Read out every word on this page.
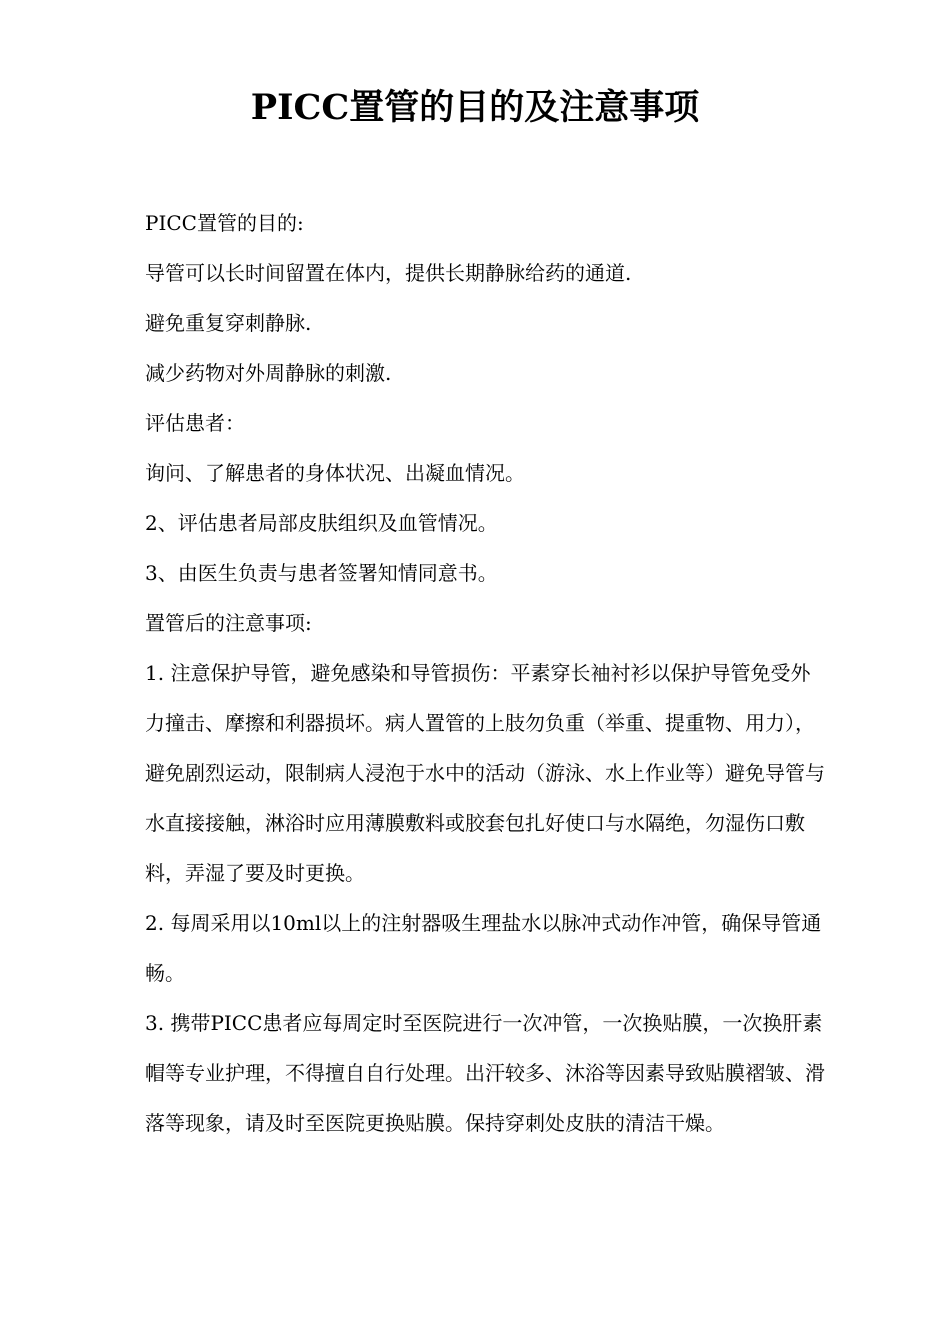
PICC置管的目的及注意事项

PICC置管的目的:

导管可以长时间留置在体内，提供长期静脉给药的通道.

避免重复穿刺静脉.

减少药物对外周静脉的刺激.

评估患者：

询问、了解患者的身体状况、出凝血情况。

2、评估患者局部皮肤组织及血管情况。

3、由医生负责与患者签署知情同意书。

置管后的注意事项:

1. 注意保护导管，避免感染和导管损伤：平素穿长袖衬衫以保护导管免受外力撞击、摩擦和利器损坏。病人置管的上肢勿负重（举重、提重物、用力），避免剧烈运动，限制病人浸泡于水中的活动（游泳、水上作业等）避免导管与水直接接触，淋浴时应用薄膜敷料或胶套包扎好使口与水隔绝，勿湿伤口敷料，弄湿了要及时更换。

2. 每周采用以10ml以上的注射器吸生理盐水以脉冲式动作冲管，确保导管通畅。

3. 携带PICC患者应每周定时至医院进行一次冲管，一次换贴膜，一次换肝素帽等专业护理，不得擅自自行处理。出汗较多、沐浴等因素导致贴膜褶皱、滑落等现象，请及时至医院更换贴膜。保持穿刺处皮肤的清洁干燥。
